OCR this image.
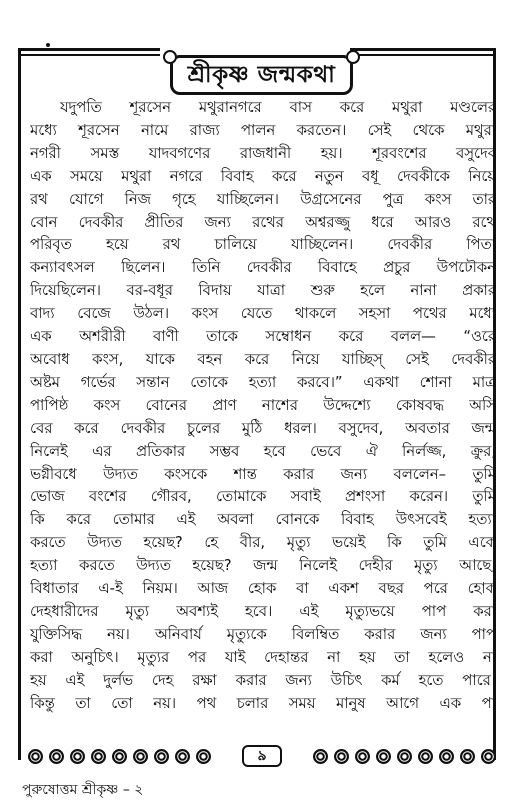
শ্রীকৃষ্ণ জন্মকথা
যদুপতি শূরসেন মথুরানগরে বাস করে মথুরা মণ্ডলের
মধ্যে শূরসেন নামে রাজ্য পালন করতেন। সেই থেকে মথুরা
নগরী সমস্ত যাদবগণের রাজধানী হয়। শূরবংশের বসুদেব
এক সময়ে মথুরা নগরে বিবাহ করে নতুন বধূ দেবকীকে নিয়ে
রথ যোগে নিজ গৃহে যাচ্ছিলেন। উগ্রসেনের পুত্র কংস তার
বোন দেবকীর প্রীতির জন্য রথের অশ্বরজ্জু ধরে আরও রথে
পরিবৃত হয়ে রথ চালিয়ে যাচ্ছিলেন। দেবকীর পিতা
কন্যাবৎসল ছিলেন। তিনি দেবকীর বিবাহে প্রচুর উপঢৌকন
দিয়েছিলেন। বর-বধূর বিদায় যাত্রা শুরু হলে নানা প্রকার
বাদ্য বেজে উঠল। কংস যেতে থাকলে সহসা পথের মধ্যে
এক অশরীরী বাণী তাকে সম্বোধন করে বলল— “ওরে
অবোধ কংস, যাকে বহন করে নিয়ে যাচ্ছিস্ সেই দেবকীর
অষ্টম গর্ভের সন্তান তোকে হত্যা করবে।” একথা শোনা মাত্র
পাপিষ্ঠ কংস বোনের প্রাণ নাশের উদ্দেশ্যে কোষবদ্ধ অসি
বের করে দেবকীর চুলের মুঠি ধরল। বসুদেব, অবতার জন্ম
নিলেই এর প্রতিকার সম্ভব হবে ভেবে ঐ নির্লজ্জ, ক্রুর,
ভগ্নীবধে উদ্যত কংসকে শান্ত করার জন্য বললেন– তুমি
ভোজ বংশের গৌরব, তোমাকে সবাই প্রশংসা করেন। তুমি
কি করে তোমার এই অবলা বোনকে বিবাহ উৎসবেই হত্যা
করতে উদ্যত হয়েছ? হে বীর, মৃত্যু ভয়েই কি তুমি একে
হত্যা করতে উদ্যত হয়েছ? জন্ম নিলেই দেহীর মৃত্যু আছে,
বিধাতার এ-ই নিয়ম। আজ হোক বা একশ বছর পরে হোক
দেহধারীদের মৃত্যু অবশ্যই হবে। এই মৃত্যুভয়ে পাপ করা
যুক্তিসিদ্ধ নয়। অনিবার্য মৃত্যুকে বিলম্বিত করার জন্য পাপ
করা অনুচিৎ। মৃত্যুর পর যাই দেহান্তর না হয় তা হলেও না
হয় এই দুর্লভ দেহ রক্ষা করার জন্য উচিৎ কর্ম হতে পারে।
কিন্তু তা তো নয়। পথ চলার সময় মানুষ আগে এক পা
৯
পুরুষোত্তম শ্রীকৃষ্ণ – ২
